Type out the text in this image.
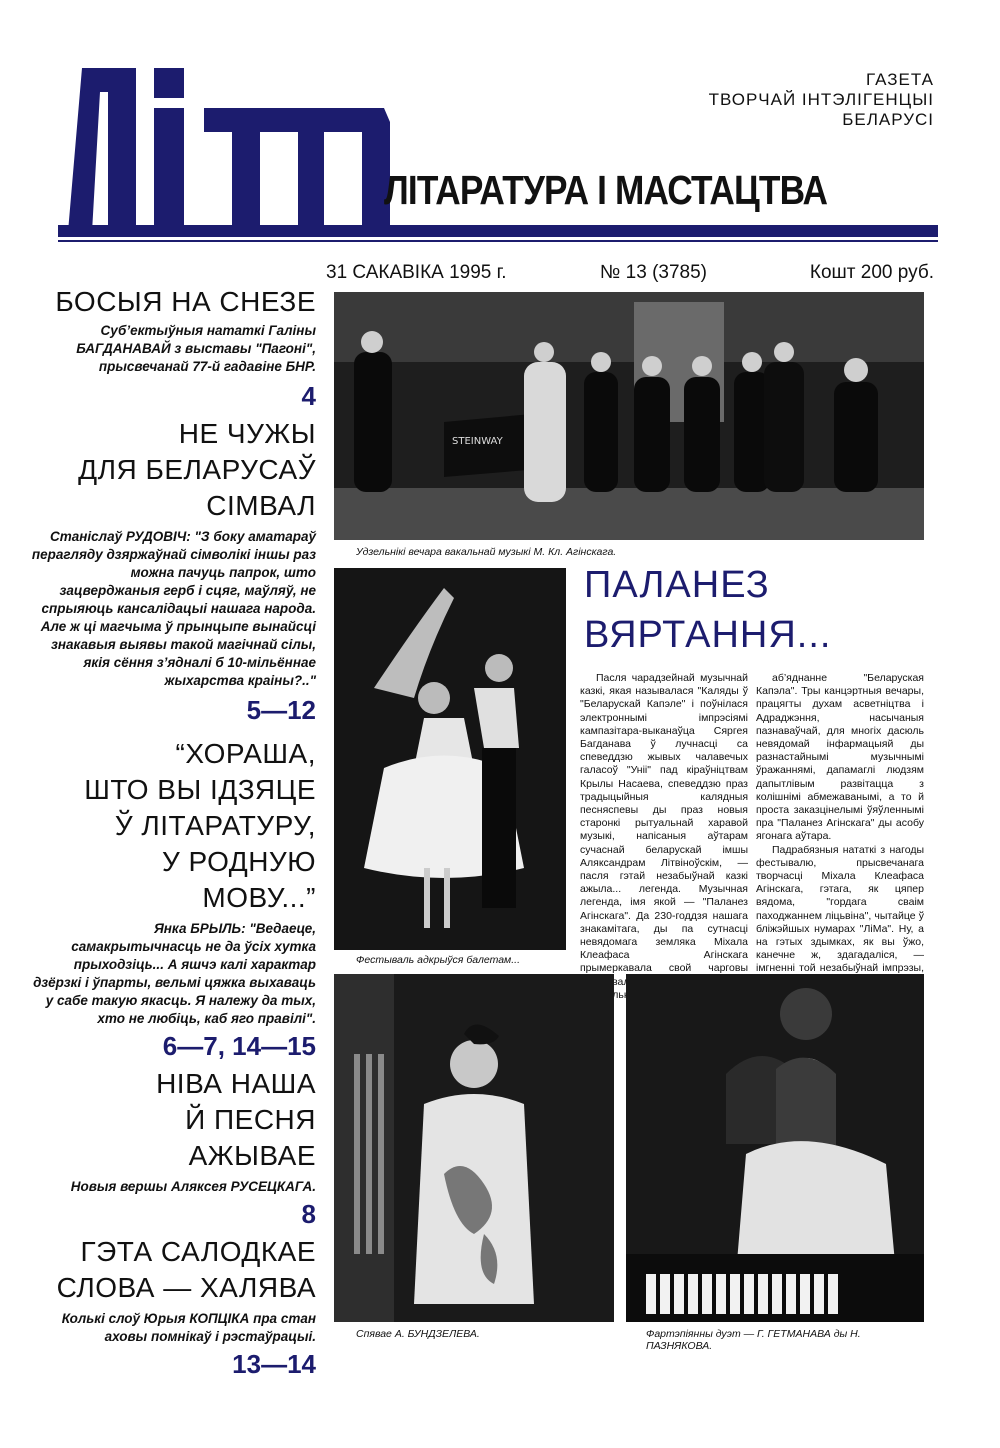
ГАЗЕТА
ТВОРЧАЙ ІНТЭЛІГЕНЦЫІ
БЕЛАРУСІ
ЛІТАРАТУРА І МАСТАЦТВА
31 САКАВІКА 1995 г.	№ 13 (3785)	Кошт 200 руб.
БОСЫЯ НА СНЕЗЕ
Суб’ектыўныя нататкі Галіны БАГДАНАВАЙ з выставы "Пагоні", прысвечанай 77-й гадавіне БНР.
4
НЕ ЧУЖЫ
ДЛЯ БЕЛАРУСАЎ
СІМВАЛ
Станіслаў РУДОВІЧ: "З боку аматараў перагляду дзяржаўнай сімволікі іншы раз можна пачуць папрок, што зацверджаныя герб і сцяг, маўляў, не спрыяюць кансалідацыі нашага народа. Але ж ці магчыма ў прынцыпе вынайсці знакавыя выявы такой магічнай сілы, якія сёння з’ядналі б 10-мільённае жыхарства краіны?.."
5—12
“ХОРАША,
ШТО ВЫ ІДЗЯЦЕ
Ў ЛІТАРАТУРУ,
У РОДНУЮ
МОВУ...”
Янка БРЫЛЬ: "Ведаеце, самакрытычнасць не да ўсіх хутка прыходзіць... А яшчэ калі характар дзёрзкі і ўпарты, вельмі цяжка выхаваць у сабе такую якасць. Я належу да тых, хто не любіць, каб яго правілі".
6—7, 14—15
НІВА НАША
Й ПЕСНЯ
АЖЫВАЕ
Новыя вершы Аляксея РУСЕЦКАГА.
8
ГЭТА САЛОДКАЕ
СЛОВА — ХАЛЯВА
Колькі слоў Юрыя КОПЦІКА пра стан аховы помнікаў і рэстаўрацыі.
13—14
STEINWAY
Удзельнікі вечара вакальнай музыкі М. Кл. Агінскага.
Фестываль адкрыўся балетам...
ПАЛАНЕЗ
ВЯРТАННЯ...

Пасля чарадзейнай музычнай казкі, якая называлася "Каляды ў "Беларускай Капэле" і поўнілася электроннымі імпрэсіямі кампазітара-выканаўца Сяргея Багданава ў лучнасці са спеведдзю жывых чалавечых галасоў "Уніі" пад кіраўніцтвам Крылы Насаева, спеведдзю праз традыцыйныя калядныя песняспевы ды праз новыя старонкі рытуальнай харавой музыкі, напісаныя аўтарам сучаснай беларускай імшы Аляксандрам Літвіноўскім, — пасля гэтай незабыўнай казкі ажыла... легенда. Музычная легенда, імя якой — "Паланез Агінскага". Да 230-годдзя нашага знакамітага, ды па сутнасці невядомага земляка Міхала Клеафаса Агінскага прымеркавала свой чарговы

аб’яднанне "Беларуская Капэла". Тры канцэртныя вечары, працягты духам асветніцтва і Адраджэння, насычаныя пазнаваўчай, для многіх дасюль невядомай інфармацыяй ды разнастайнымі музычнымі ўражаннямі, дапамаглі людзям дапытлівым развітацца з колішнімі абмежаванымі, а то й проста заказцінелымі ўяўленнымі пра "Паланез Агінскага" ды асобу ягонага аўтара.

Падрабязныя нататкі з нагоды фестывалю, прысвечанага творчасці Міхала Клеафаса Агінскага, гэтага, як цяпер вядома, "гордага сваім паходжаннем ліцьвіна", чытайце ў бліжэйшых нумарах "ЛіМа". Ну, а на гэтых здымках, як вы ўжо, канечне ж, здагадаліся, — імгненні той незабыўнай імпрэзы,

Спявае А. БУНДЗЕЛЕВА.	Фартэпіянны дуэт — Г. ГЕТМАНАВА ды Н. ПАЗНЯКОВА.
